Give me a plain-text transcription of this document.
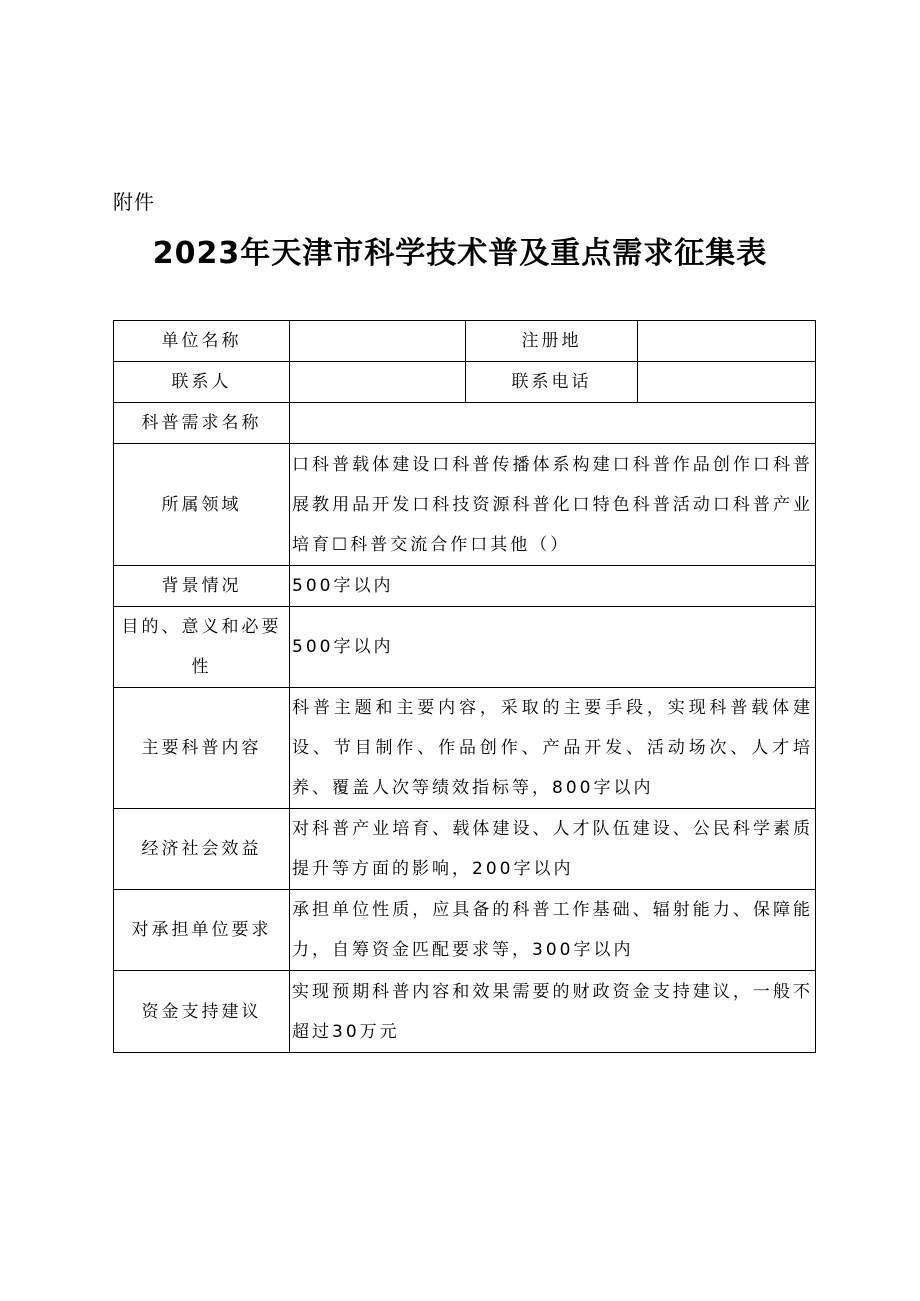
附件
2023年天津市科学技术普及重点需求征集表
单位名称		注册地	
联系人		联系电话	
科普需求名称			
所属领域	口科普载体建设口科普传播体系构建口科普作品创作口科普展教用品开发口科技资源科普化口特色科普活动口科普产业培育☐科普交流合作口其他（）		
背景情况	500字以内		
目的、意义和必要性	500字以内		
主要科普内容	科普主题和主要内容，采取的主要手段，实现科普载体建设、节目制作、作品创作、产品开发、活动场次、人才培养、覆盖人次等绩效指标等，800字以内		
经济社会效益	对科普产业培育、载体建设、人才队伍建设、公民科学素质提升等方面的影响，200字以内		
对承担单位要求	承担单位性质，应具备的科普工作基础、辐射能力、保障能力，自筹资金匹配要求等，300字以内		
资金支持建议	实现预期科普内容和效果需要的财政资金支持建议，一般不超过30万元		
